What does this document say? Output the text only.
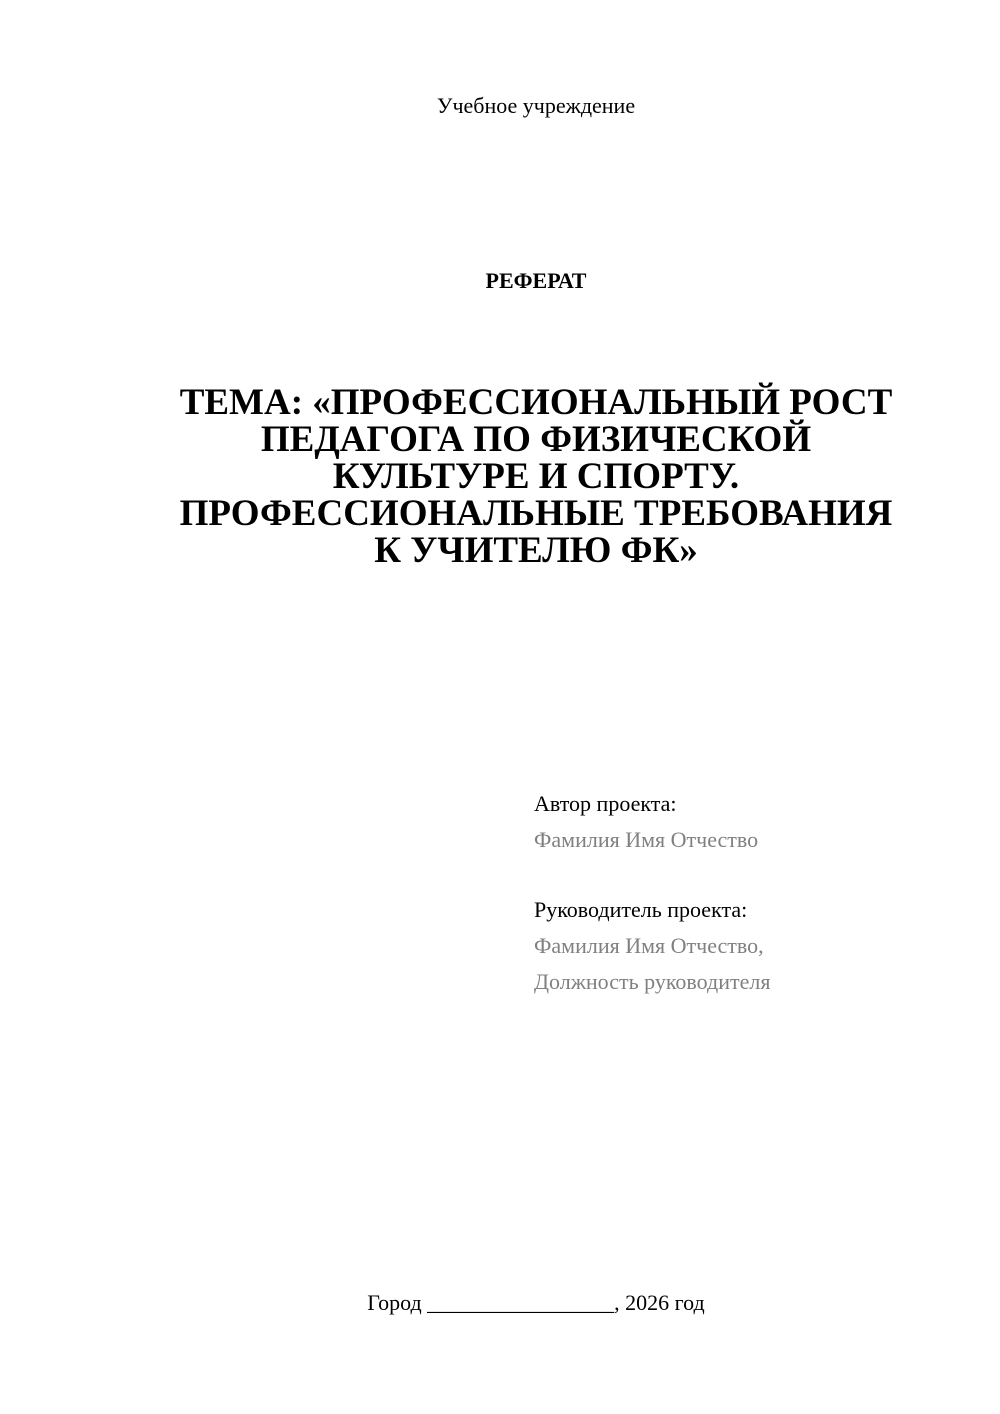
Учебное учреждение
РЕФЕРАТ
ТЕМА: «ПРОФЕССИОНАЛЬНЫЙ РОСТ
ПЕДАГОГА ПО ФИЗИЧЕСКОЙ
КУЛЬТУРЕ И СПОРТУ.
ПРОФЕССИОНАЛЬНЫЕ ТРЕБОВАНИЯ
К УЧИТЕЛЮ ФК»
Автор проекта:
Фамилия Имя Отчество
Руководитель проекта:
Фамилия Имя Отчество,
Должность руководителя
Город _________________, 2026 год
